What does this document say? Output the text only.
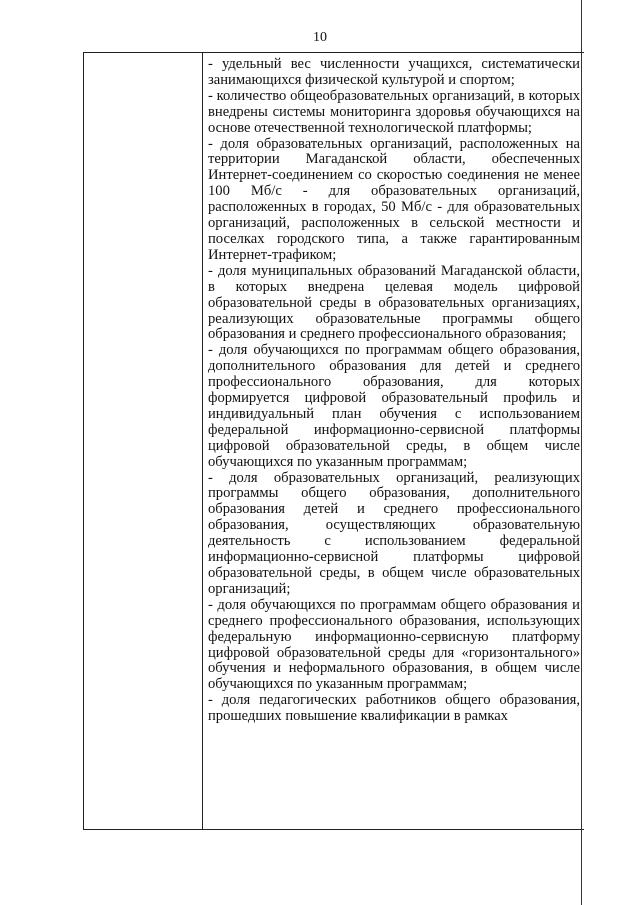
10

- удельный вес численности учащихся, систематически занимающихся физической культурой и спортом;

- количество общеобразовательных организаций, в которых внедрены системы мониторинга здоровья обучающихся на основе отечественной технологической платформы;

- доля образовательных организаций, расположенных на территории Магаданской области, обеспеченных Интернет-соединением со скоростью соединения не менее 100 Мб/с - для образовательных организаций, расположенных в городах, 50 Мб/с - для образовательных организаций, расположенных в сельской местности и поселках городского типа, а также гарантированным Интернет-трафиком;

- доля муниципальных образований Магаданской области, в которых внедрена целевая модель цифровой образовательной среды в образовательных организациях, реализующих образовательные программы общего образования и среднего профессионального образования;

- доля обучающихся по программам общего образования, дополнительного образования для детей и среднего профессионального образования, для которых формируется цифровой образовательный профиль и индивидуальный план обучения с использованием федеральной информационно-сервисной платформы цифровой образовательной среды, в общем числе обучающихся по указанным программам;

- доля образовательных организаций, реализующих программы общего образования, дополнительного образования детей и среднего профессионального образования, осуществляющих образовательную деятельность с использованием федеральной информационно-сервисной платформы цифровой образовательной среды, в общем числе образовательных организаций;

- доля обучающихся по программам общего образования и среднего профессионального образования, использующих федеральную информационно-сервисную платформу цифровой образовательной среды для «горизонтального» обучения и неформального образования, в общем числе обучающихся по указанным программам;

- доля педагогических работников общего образования, прошедших повышение квалификации в рамках
